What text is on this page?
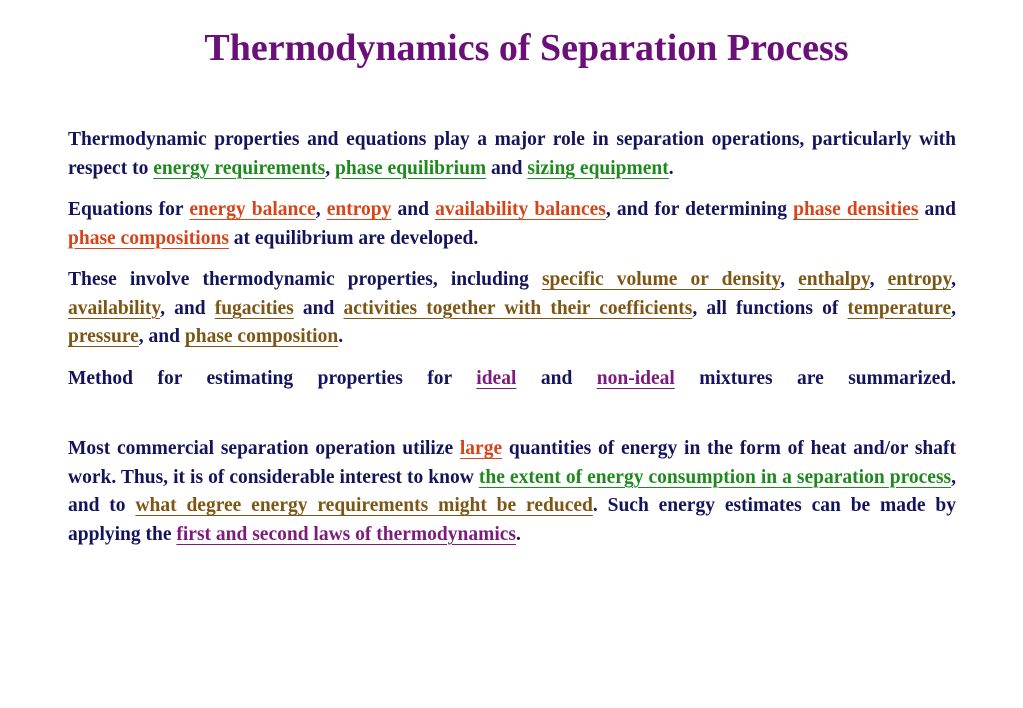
Thermodynamics of Separation Process

Thermodynamic properties and equations play a major role in separation operations, particularly with respect to energy requirements, phase equilibrium and sizing equipment.

Equations for energy balance, entropy and availability balances, and for determining phase densities and phase compositions at equilibrium are developed.

These involve thermodynamic properties, including specific volume or density, enthalpy, entropy, availability, and fugacities and activities together with their coefficients, all functions of temperature, pressure, and phase composition.

Method for estimating properties for ideal and non-ideal mixtures are summarized.

Most commercial separation operation utilize large quantities of energy in the form of heat and/or shaft work. Thus, it is of considerable interest to know the extent of energy consumption in a separation process, and to what degree energy requirements might be reduced. Such energy estimates can be made by applying the first and second laws of thermodynamics.
